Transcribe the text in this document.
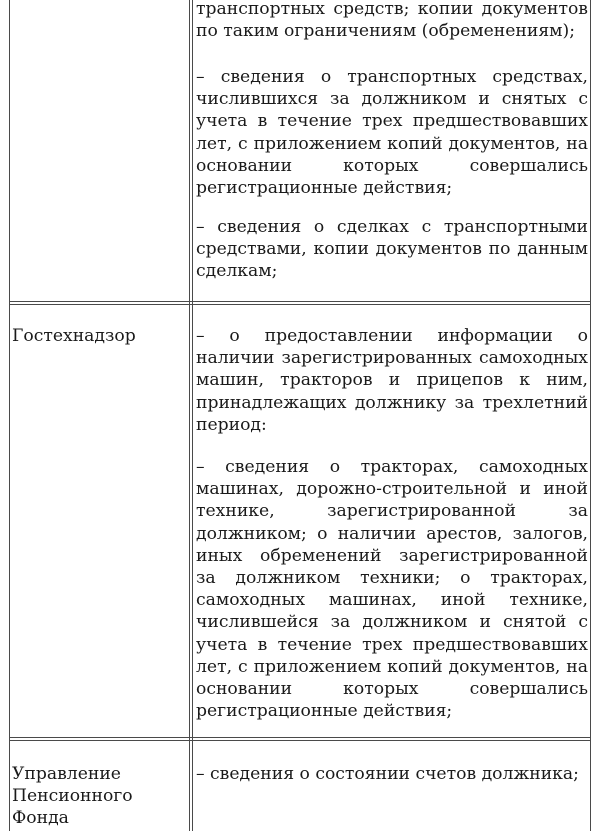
транспортных средств; копии документов по таким ограничениям (обременениям);

– сведения о транспортных средствах, числившихся за должником и снятых с учета в течение трех предшествовавших лет, с приложением копий документов, на основании которых совершались регистрационные действия;

– сведения о сделках с транспортными средствами, копии документов по данным сделкам;

Гостехнадзор	– о предоставлении информации о наличии зарегистрированных самоходных машин, тракторов и прицепов к ним, принадлежащих должнику за трехлетний период:

– сведения о тракторах, самоходных машинах, дорожно-строительной и иной технике, зарегистрированной за должником; о наличии арестов, залогов, иных обременений зарегистрированной за должником техники; о тракторах, самоходных машинах, иной технике, числившейся за должником и снятой с учета в течение трех предшествовавших лет, с приложением копий документов, на основании которых совершались регистрационные действия;

Управление Пенсионного Фонда

– сведения о состоянии счетов должника;
